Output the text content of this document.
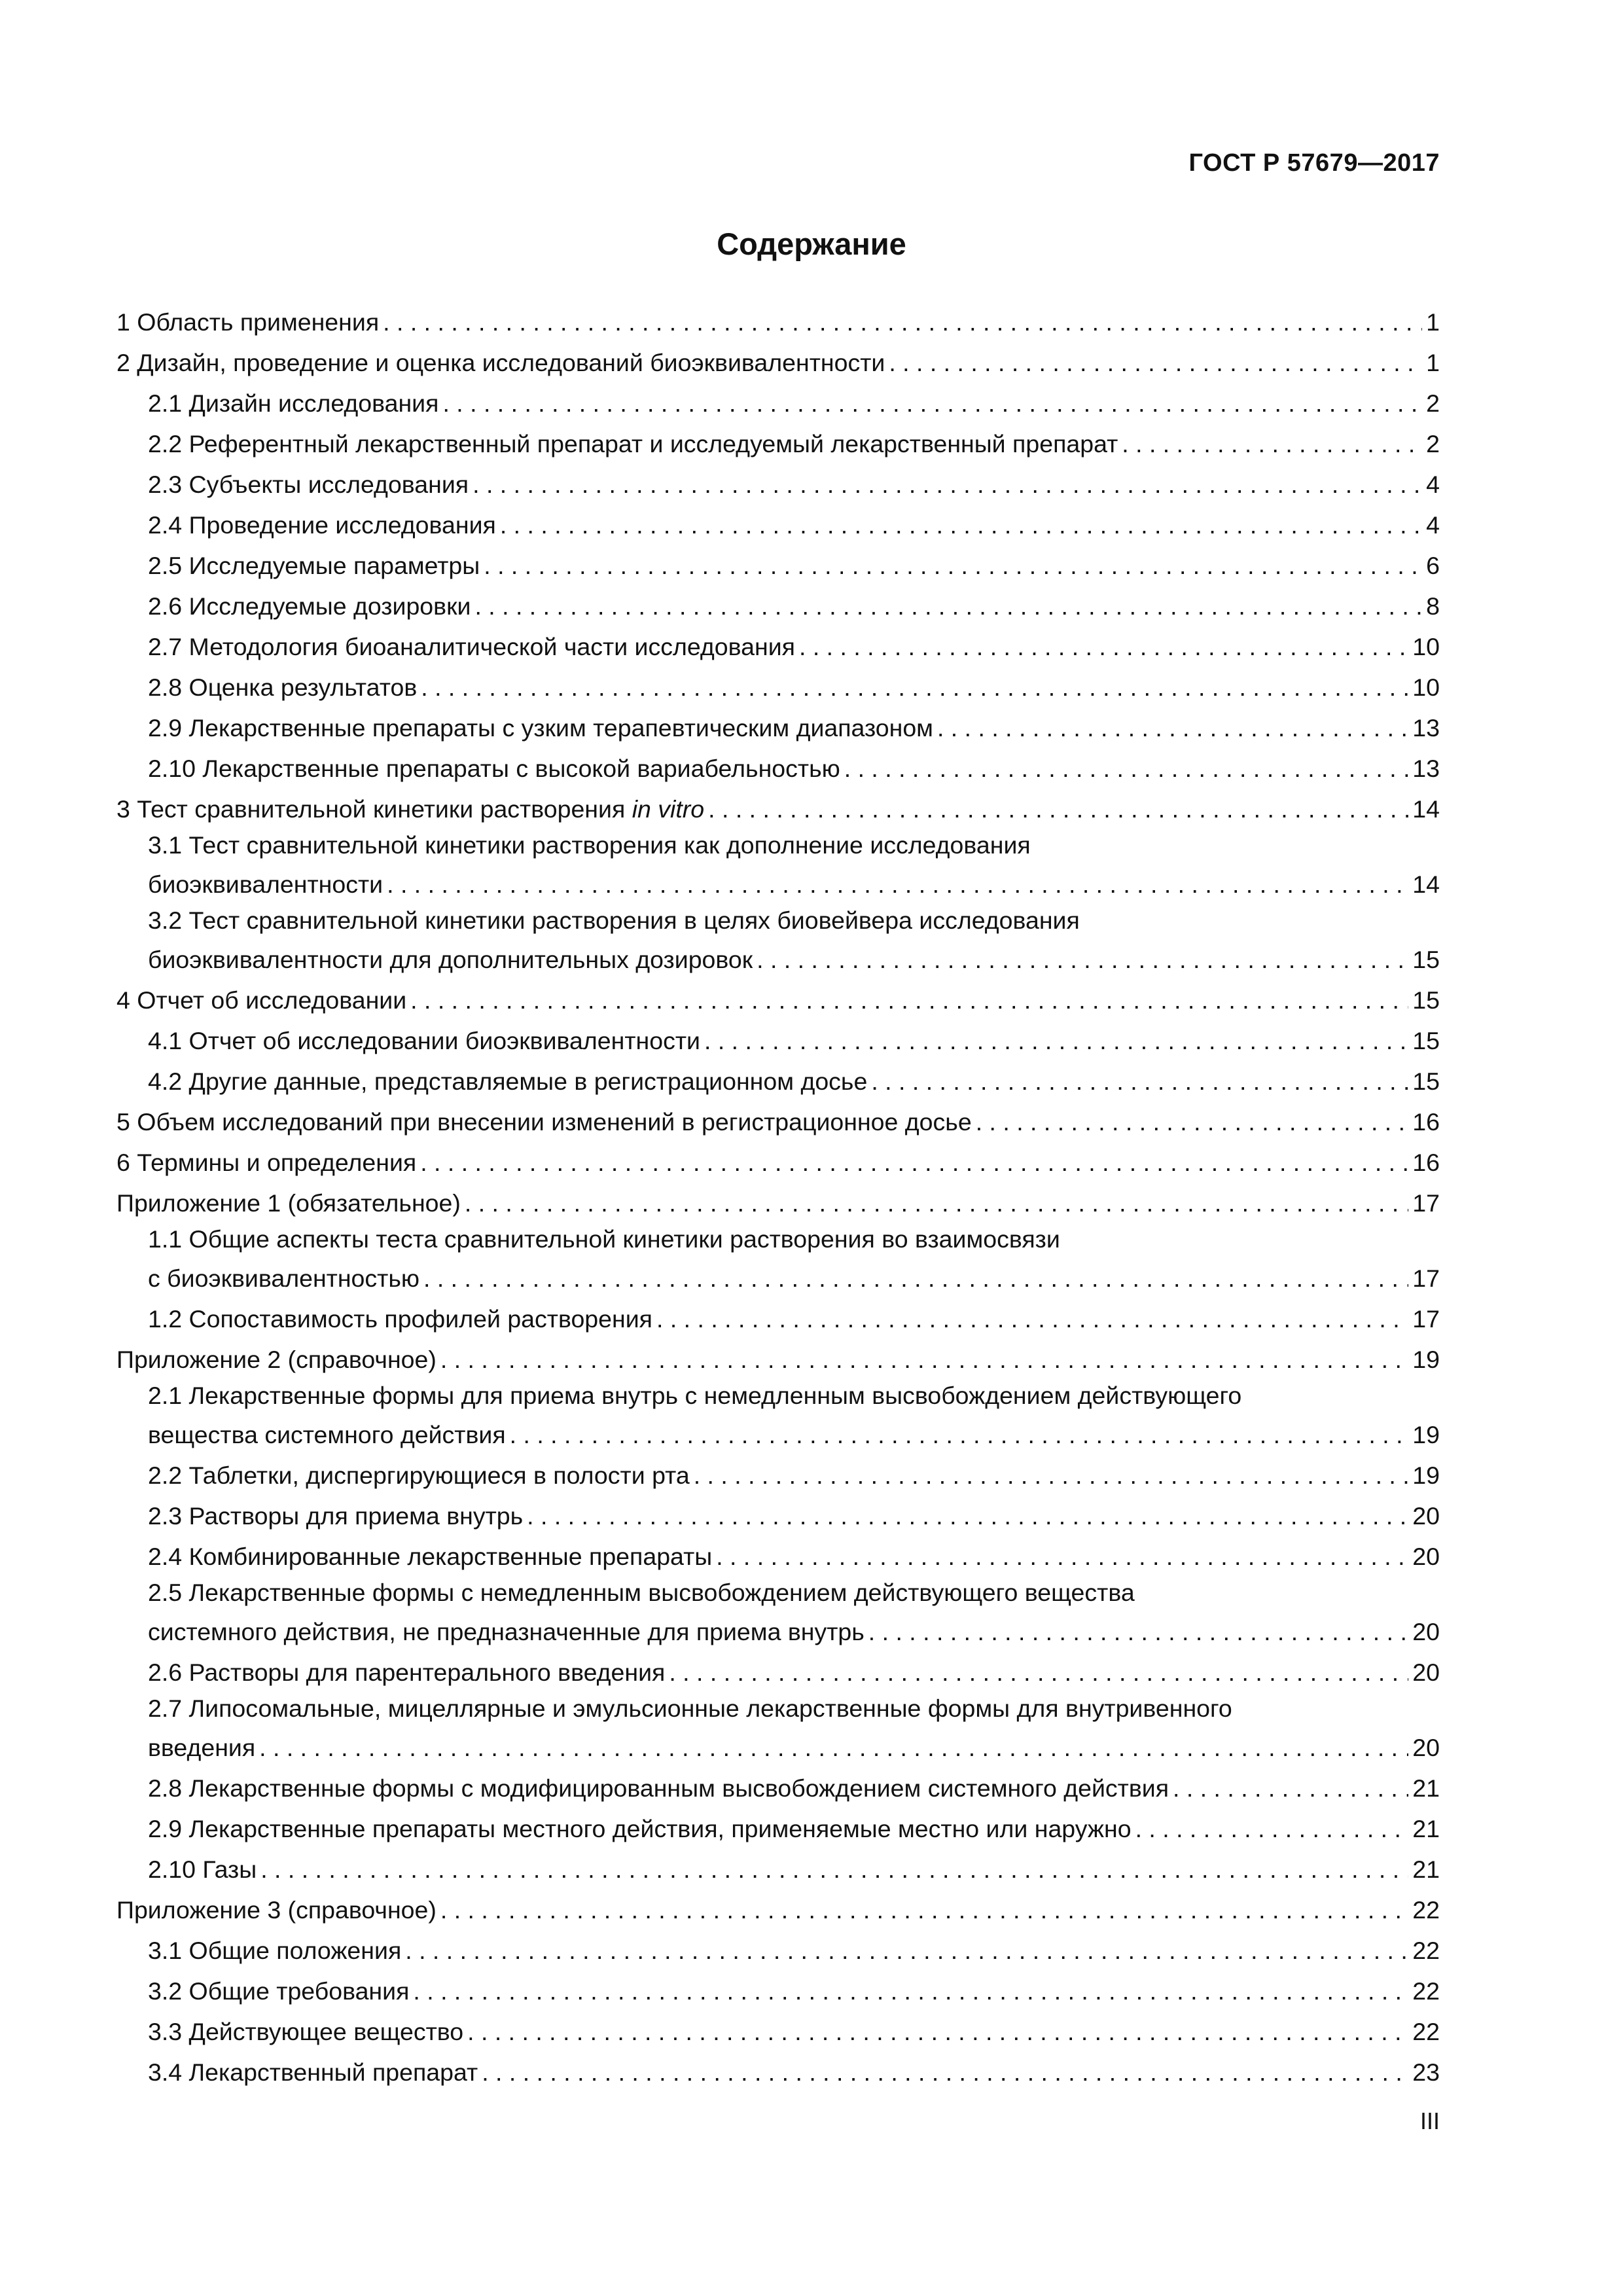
ГОСТ Р 57679—2017
Содержание
1 Область применения . . .	1
2 Дизайн, проведение и оценка исследований биоэквивалентности . . .	1
2.1 Дизайн исследования . . .	2
2.2 Референтный лекарственный препарат и исследуемый лекарственный препарат . . .	2
2.3 Субъекты исследования . . .	4
2.4 Проведение исследования . . .	4
2.5 Исследуемые параметры . . .	6
2.6 Исследуемые дозировки . . .	8
2.7 Методология биоаналитической части исследования . . .	10
2.8 Оценка результатов . . .	10
2.9 Лекарственные препараты с узким терапевтическим диапазоном . . .	13
2.10 Лекарственные препараты с высокой вариабельностью . . .	13
3 Тест сравнительной кинетики растворения in vitro . . .	14
3.1 Тест сравнительной кинетики растворения как дополнение исследования
биоэквивалентности . . .	14
3.2 Тест сравнительной кинетики растворения в целях биовейвера исследования
биоэквивалентности для дополнительных дозировок . . .	15
4 Отчет об исследовании . . .	15
4.1 Отчет об исследовании биоэквивалентности . . .	15
4.2 Другие данные, представляемые в регистрационном досье . . .	15
5 Объем исследований при внесении изменений в регистрационное досье . . .	16
6 Термины и определения . . .	16
Приложение 1 (обязательное) . . .	17
1.1 Общие аспекты теста сравнительной кинетики растворения во взаимосвязи
с биоэквивалентностью . . .	17
1.2 Сопоставимость профилей растворения . . .	17
Приложение 2 (справочное) . . .	19
2.1 Лекарственные формы для приема внутрь с немедленным высвобождением действующего
вещества системного действия . . .	19
2.2 Таблетки, диспергирующиеся в полости рта . . .	19
2.3 Растворы для приема внутрь . . .	20
2.4 Комбинированные лекарственные препараты . . .	20
2.5 Лекарственные формы с немедленным высвобождением действующего вещества
системного действия, не предназначенные для приема внутрь . . .	20
2.6 Растворы для парентерального введения . . .	20
2.7 Липосомальные, мицеллярные и эмульсионные лекарственные формы для внутривенного
введения . . .	20
2.8 Лекарственные формы с модифицированным высвобождением системного действия . . .	21
2.9 Лекарственные препараты местного действия, применяемые местно или наружно . . .	21
2.10 Газы . . .	21
Приложение 3 (справочное) . . .	22
3.1 Общие положения . . .	22
3.2 Общие требования . . .	22
3.3 Действующее вещество . . .	22
3.4 Лекарственный препарат . . .	23
III
